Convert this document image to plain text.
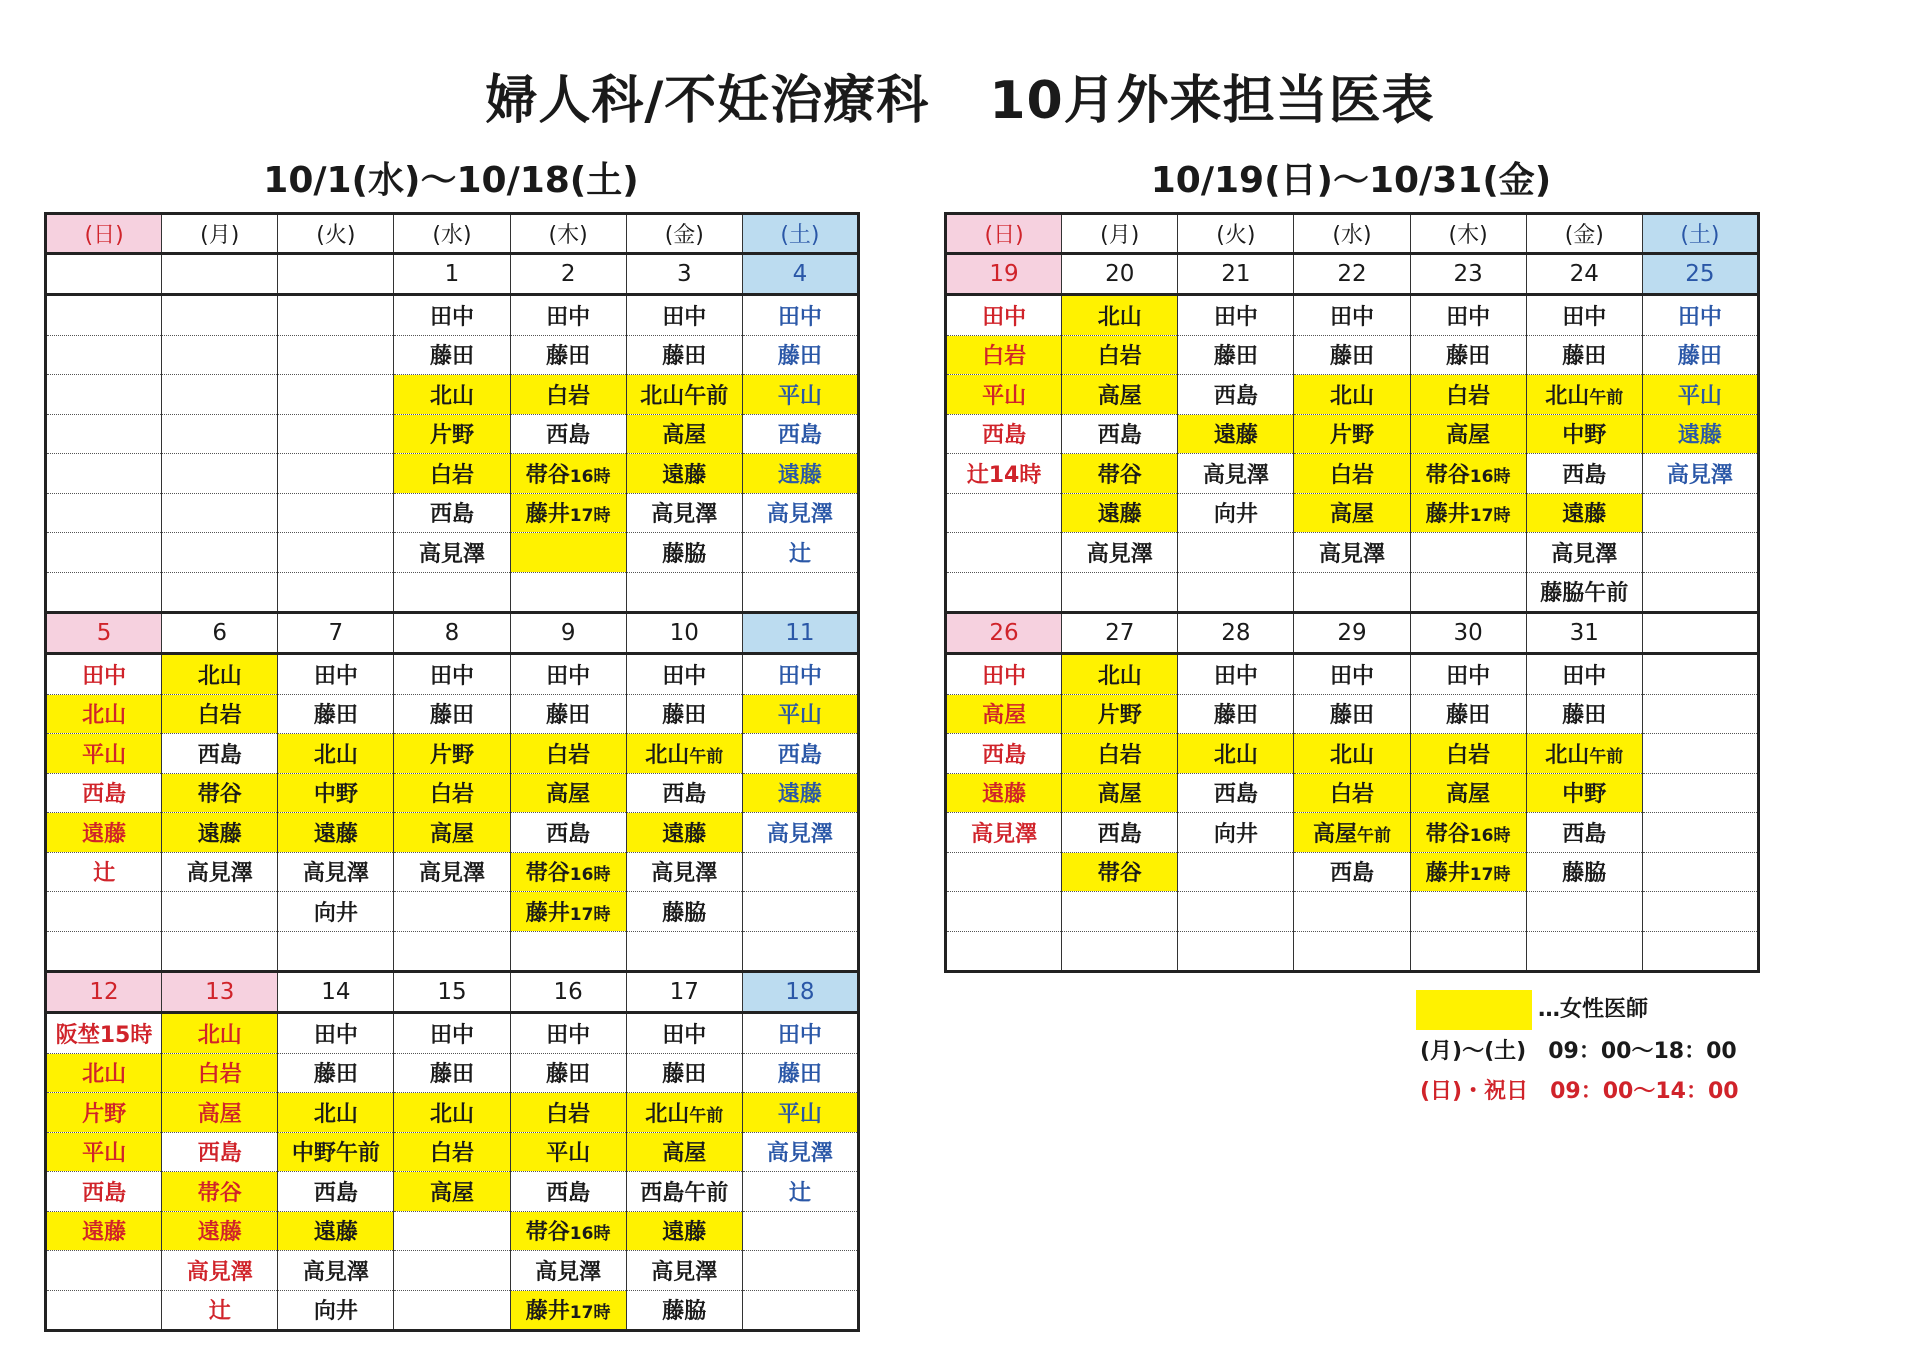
婦人科/不妊治療科 10月外来担当医表
10/1(水)〜10/18(土)	10/19(日)〜10/31(金)
(日)	(月)	(火)	(水)	(木)	(金)	(土)
			1	2	3	4
			田中	田中	田中	田中
			藤田	藤田	藤田	藤田
			北山	白岩	北山午前	平山
			片野	西島	高屋	西島
			白岩	帯谷16時	遠藤	遠藤
			西島	藤井17時	高見澤	高見澤
			高見澤		藤脇	辻

5	6	7	8	9	10	11
田中	北山	田中	田中	田中	田中	田中
北山	白岩	藤田	藤田	藤田	藤田	平山
平山	西島	北山	片野	白岩	北山午前	西島
西島	帯谷	中野	白岩	高屋	西島	遠藤
遠藤	遠藤	遠藤	高屋	西島	遠藤	高見澤
辻	高見澤	高見澤	高見澤	帯谷16時	高見澤	
		向井		藤井17時	藤脇	

12	13	14	15	16	17	18
阪埜15時	北山	田中	田中	田中	田中	田中
北山	白岩	藤田	藤田	藤田	藤田	藤田
片野	高屋	北山	北山	白岩	北山午前	平山
平山	西島	中野午前	白岩	平山	高屋	高見澤
西島	帯谷	西島	高屋	西島	西島午前	辻
遠藤	遠藤	遠藤		帯谷16時	遠藤	
	高見澤	高見澤		高見澤	高見澤	
	辻	向井		藤井17時	藤脇	
(日)	(月)	(火)	(水)	(木)	(金)	(土)
19	20	21	22	23	24	25
田中	北山	田中	田中	田中	田中	田中
白岩	白岩	藤田	藤田	藤田	藤田	藤田
平山	高屋	西島	北山	白岩	北山午前	平山
西島	西島	遠藤	片野	高屋	中野	遠藤
辻14時	帯谷	高見澤	白岩	帯谷16時	西島	高見澤
	遠藤	向井	高屋	藤井17時	遠藤	
	高見澤		高見澤		高見澤	
					藤脇午前	
26	27	28	29	30	31	
田中	北山	田中	田中	田中	田中	
高屋	片野	藤田	藤田	藤田	藤田	
西島	白岩	北山	北山	白岩	北山午前	
遠藤	高屋	西島	白岩	高屋	中野	
高見澤	西島	向井	高屋午前	帯谷16時	西島	
	帯谷		西島	藤井17時	藤脇	

…女性医師
(月)〜(土)　09：00〜18：00
(日)・祝日　09：00〜14：00
